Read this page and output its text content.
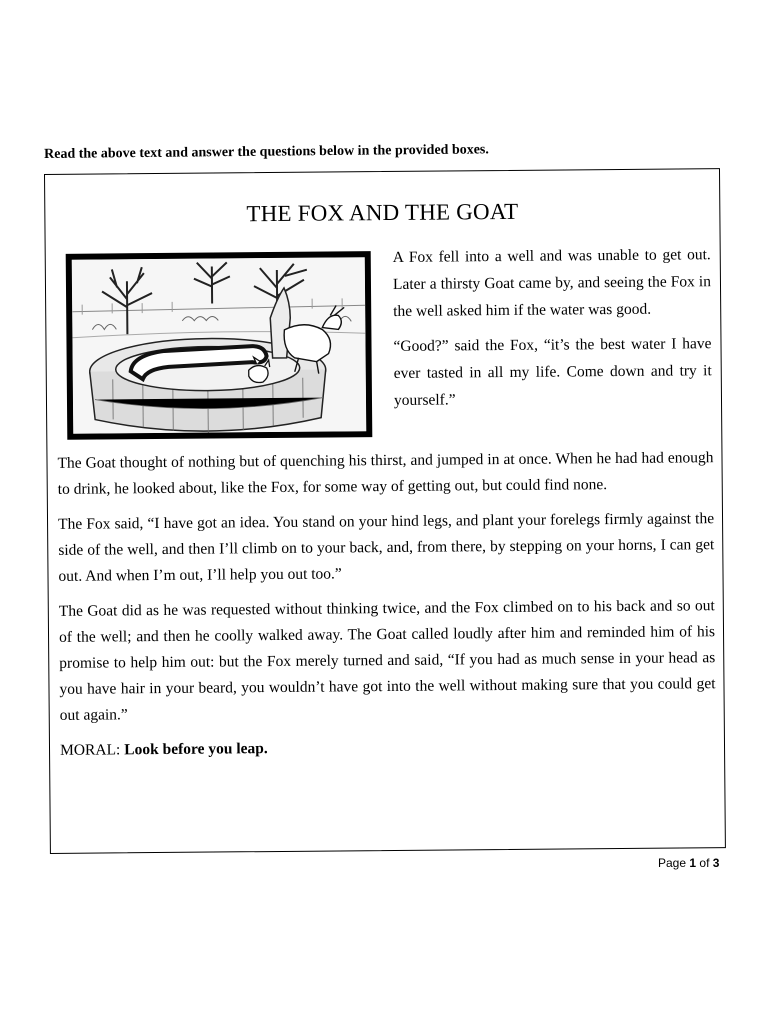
Read the above text and answer the questions below in the provided boxes.
THE FOX AND THE GOAT

A Fox fell into a well and was unable to get out. Later a thirsty Goat came by, and seeing the Fox in the well asked him if the water was good.

“Good?” said the Fox, “it’s the best water I have ever tasted in all my life. Come down and try it yourself.”

The Goat thought of nothing but of quenching his thirst, and jumped in at once. When he had had enough to drink, he looked about, like the Fox, for some way of getting out, but could find none.

The Fox said, “I have got an idea. You stand on your hind legs, and plant your forelegs firmly against the side of the well, and then I’ll climb on to your back, and, from there, by stepping on your horns, I can get out. And when I’m out, I’ll help you out too.”

The Goat did as he was requested without thinking twice, and the Fox climbed on to his back and so out of the well; and then he coolly walked away. The Goat called loudly after him and reminded him of his promise to help him out: but the Fox merely turned and said, “If you had as much sense in your head as you have hair in your beard, you wouldn’t have got into the well without making sure that you could get out again.”

MORAL: Look before you leap.

Page 1 of 3
